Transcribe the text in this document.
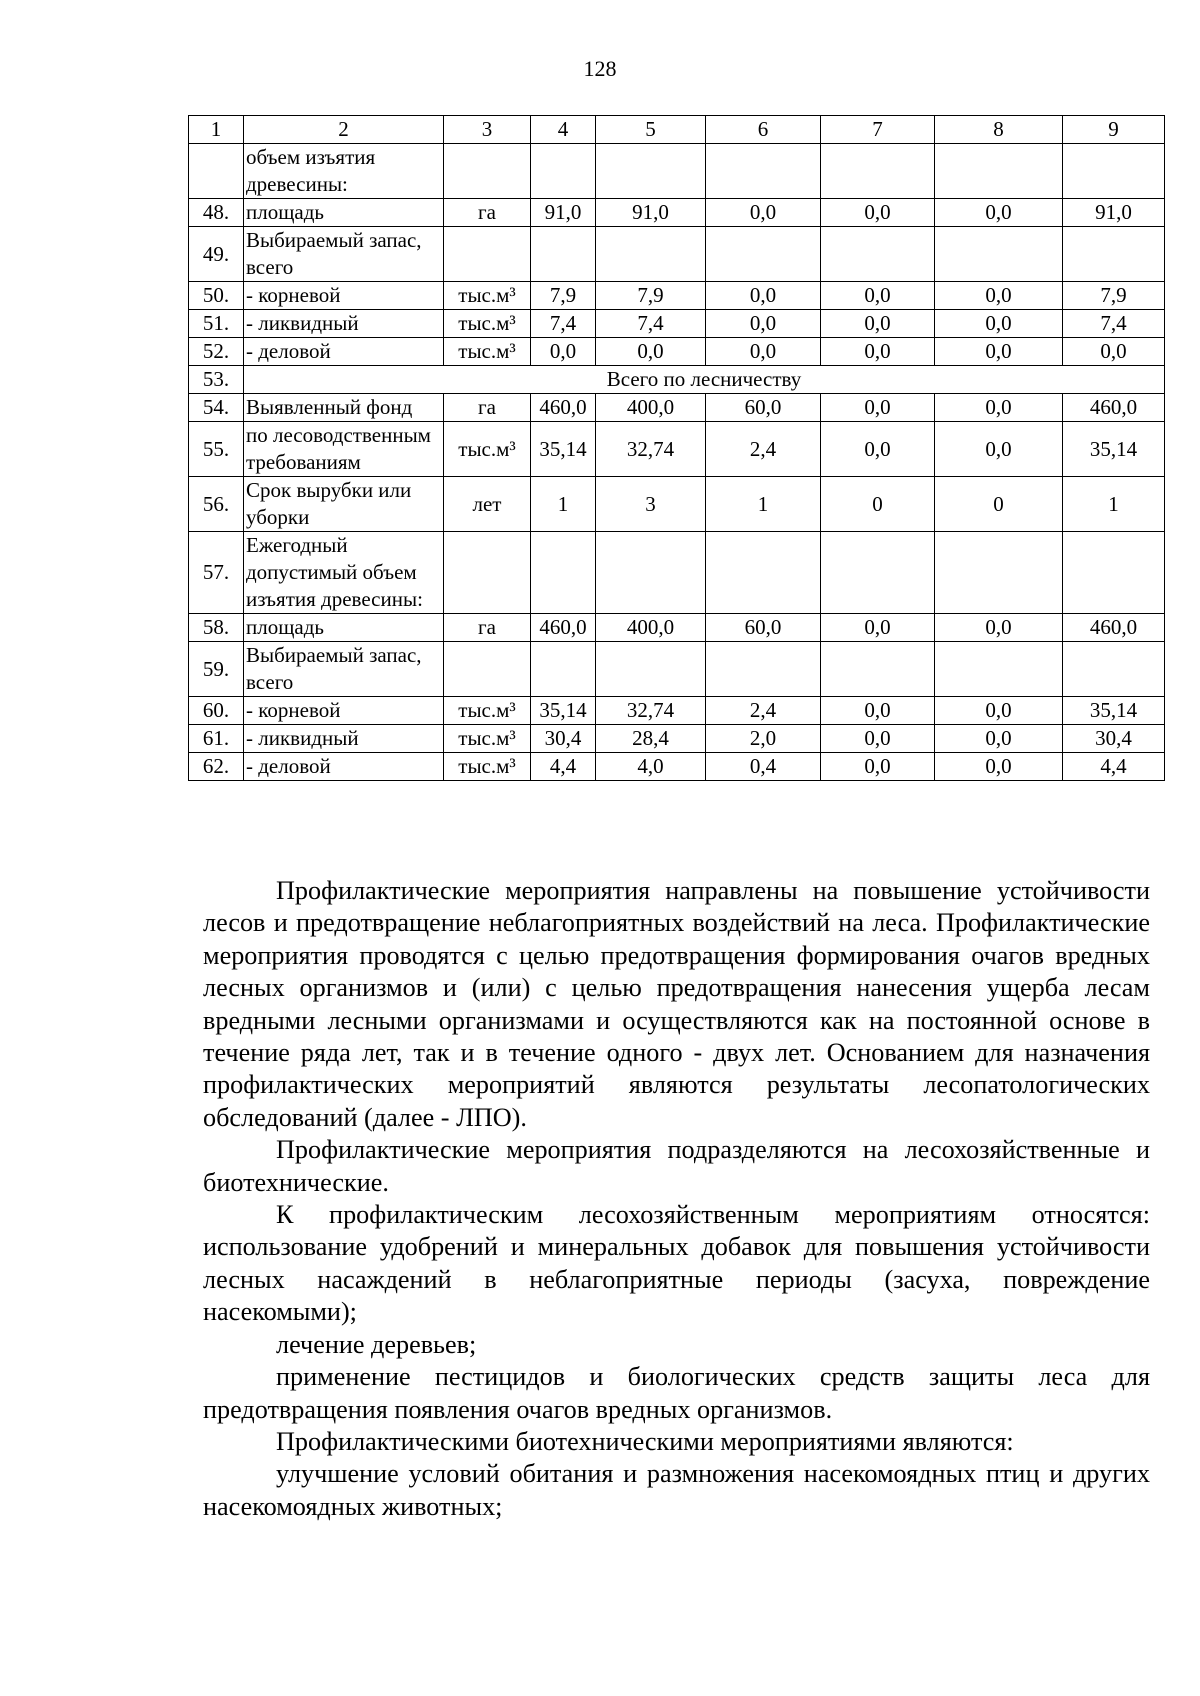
128
1	2	3	4	5	6	7	8	9
	объем изъятия древесины:							
48.	площадь	га	91,0	91,0	0,0	0,0	0,0	91,0
49.	Выбираемый запас, всего							
50.	- корневой	тыс.м³	7,9	7,9	0,0	0,0	0,0	7,9
51.	- ликвидный	тыс.м³	7,4	7,4	0,0	0,0	0,0	7,4
52.	- деловой	тыс.м³	0,0	0,0	0,0	0,0	0,0	0,0
53.	Всего по лесничеству							
54.	Выявленный фонд	га	460,0	400,0	60,0	0,0	0,0	460,0
55.	по лесоводственным требованиям	тыс.м³	35,14	32,74	2,4	0,0	0,0	35,14
56.	Срок вырубки или уборки	лет	1	3	1	0	0	1
57.	Ежегодный допустимый объем изъятия древесины:							
58.	площадь	га	460,0	400,0	60,0	0,0	0,0	460,0
59.	Выбираемый запас, всего							
60.	- корневой	тыс.м³	35,14	32,74	2,4	0,0	0,0	35,14
61.	- ликвидный	тыс.м³	30,4	28,4	2,0	0,0	0,0	30,4
62.	- деловой	тыс.м³	4,4	4,0	0,4	0,0	0,0	4,4

Профилактические мероприятия направлены на повышение устойчивости лесов и предотвращение неблагоприятных воздействий на леса. Профилактические мероприятия проводятся с целью предотвращения формирования очагов вредных лесных организмов и (или) с целью предотвращения нанесения ущерба лесам вредными лесными организмами и осуществляются как на постоянной основе в течение ряда лет, так и в течение одного - двух лет. Основанием для назначения профилактических мероприятий являются результаты лесопатологических обследований (далее - ЛПО).

Профилактические мероприятия подразделяются на лесохозяйственные и биотехнические.

К профилактическим лесохозяйственным мероприятиям относятся: использование удобрений и минеральных добавок для повышения устойчивости лесных насаждений в неблагоприятные периоды (засуха, повреждение насекомыми);

лечение деревьев;

применение пестицидов и биологических средств защиты леса для предотвращения появления очагов вредных организмов.

Профилактическими биотехническими мероприятиями являются:

улучшение условий обитания и размножения насекомоядных птиц и других насекомоядных животных;
